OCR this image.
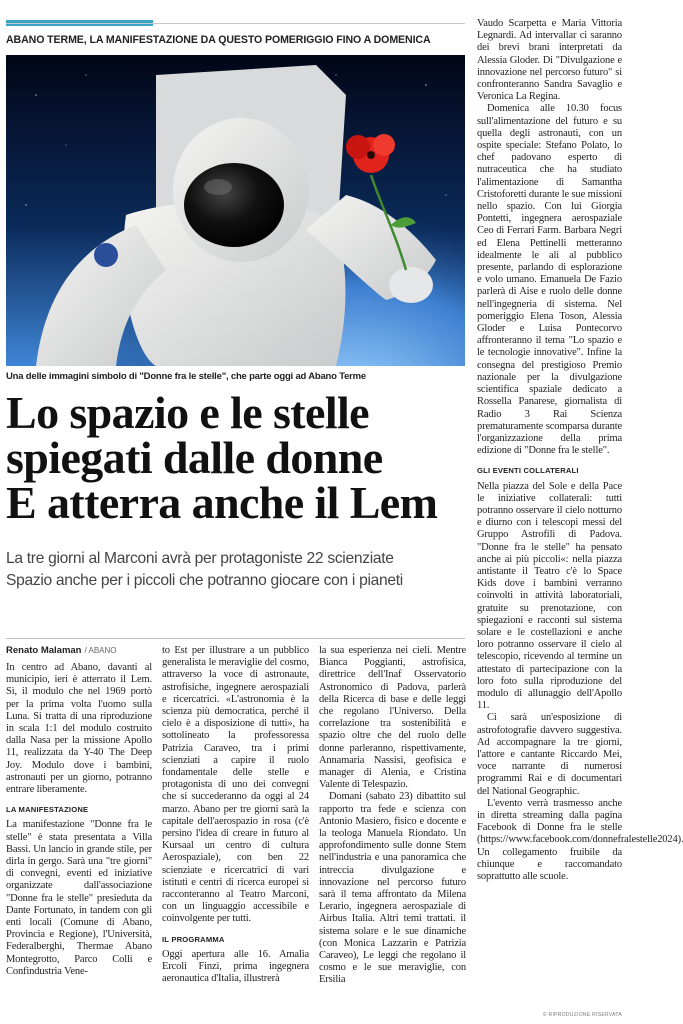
ABANO TERME, LA MANIFESTAZIONE DA QUESTO POMERIGGIO FINO A DOMENICA
Una delle immagini simbolo di "Donne fra le stelle", che parte oggi ad Abano Terme
Lo spazio e le stelle
spiegati dalle donne
E atterra anche il Lem
La tre giorni al Marconi avrà per protagoniste 22 scienziate
Spazio anche per i piccoli che potranno giocare con i pianeti
Renato Malaman / ABANO

In centro ad Abano, davanti al municipio, ieri è atterrato il Lem. Sì, il modulo che nel 1969 portò per la prima volta l'uomo sulla Luna. Si tratta di una riproduzione in scala 1:1 del modulo costruito dalla Nasa per la missione Apollo 11, realizzata da Y-40 The Deep Joy. Modulo dove i bambini, astronauti per un giorno, potranno entrare liberamente.

LA MANIFESTAZIONE

La manifestazione "Donne fra le stelle" è stata presentata a Villa Bassi. Un lancio in grande stile, per dirla in gergo. Sarà una "tre giorni" di convegni, eventi ed iniziative organizzate dall'associazione "Donne fra le stelle" presieduta da Dante Fortunato, in tandem con gli enti locali (Comune di Abano, Provincia e Regione), l'Università, Federalberghi, Thermae Abano Montegrotto, Parco Colli e Confindustria Vene-

to Est per illustrare a un pubblico generalista le meraviglie del cosmo, attraverso la voce di astronaute, astrofisiche, ingegnere aerospaziali e ricercatrici. «L'astronomia è la scienza più democratica, perché il cielo è a disposizione di tutti», ha sottolineato la professoressa Patrizia Caraveo, tra i primi scienziati a capire il ruolo fondamentale delle stelle e protagonista di uno dei convegni che si succederanno da oggi al 24 marzo. Abano per tre giorni sarà la capitale dell'aerospazio in rosa (c'è persino l'idea di creare in futuro al Kursaal un centro di cultura Aerospaziale), con ben 22 scienziate e ricercatrici di vari istituti e centri di ricerca europei si racconteranno al Teatro Marconi, con un linguaggio accessibile e coinvolgente per tutti.

IL PROGRAMMA

Oggi apertura alle 16. Amalia Ercoli Finzi, prima ingegnera aeronautica d'Italia, illustrerà

la sua esperienza nei cieli. Mentre Bianca Poggianti, astrofisica, direttrice dell'Inaf Osservatorio Astronomico di Padova, parlerà della Ricerca di base e delle leggi che regolano l'Universo. Della correlazione tra sostenibilità e spazio oltre che del ruolo delle donne parleranno, rispettivamente, Annamaria Nassisi, geofisica e manager di Alenia, e Cristina Valente di Telespazio.

Domani (sabato 23) dibattito sul rapporto tra fede e scienza con Antonio Masiero, fisico e docente e la teologa Manuela Riondato. Un approfondimento sulle donne Stem nell'industria e una panoramica che intreccia divulgazione e innovazione nel percorso futuro sarà il tema affrontato da Milena Lerario, ingegnera aerospaziale di Airbus Italia. Altri temi trattati. il sistema solare e le sue dinamiche (con Monica Lazzarin e Patrizia Caraveo), Le leggi che regolano il cosmo e le sue meraviglie, con Ersilia

Vaudo Scarpetta e Maria Vittoria Legnardi. Ad intervallar ci saranno dei brevi brani interpretati da Alessia Gloder. Di "Divulgazione e innovazione nel percorso futuro" si confronteranno Sandra Savaglio e Veronica La Regina.

Domenica alle 10.30 focus sull'alimentazione del futuro e su quella degli astronauti, con un ospite speciale: Stefano Polato, lo chef padovano esperto di nutraceutica che ha studiato l'alimentazione di Samantha Cristoforetti durante le sue missioni nello spazio. Con lui Giorgia Pontetti, ingegnera aerospaziale Ceo di Ferrari Farm. Barbara Negri ed Elena Pettinelli metteranno idealmente le ali al pubblico presente, parlando di esplorazione e volo umano. Emanuela De Fazio parlerà di Aise e ruolo delle donne nell'ingegneria di sistema. Nel pomeriggio Elena Toson, Alessia Gloder e Luisa Pontecorvo affronteranno il tema "Lo spazio e le tecnologie innovative". Infine la consegna del prestigioso Premio nazionale per la divulgazione scientifica spaziale dedicato a Rossella Panarese, giornalista di Radio 3 Rai Scienza prematuramente scomparsa durante l'organizzazione della prima edizione di "Donne fra le stelle".

GLI EVENTI COLLATERALI

Nella piazza del Sole e della Pace le iniziative collaterali: tutti potranno osservare il cielo notturno e diurno con i telescopi messi del Gruppo Astrofili di Padova. "Donne fra le stelle" ha pensato anche ai più piccoli«: nella piazza antistante il Teatro c'è lo Space Kids dove i bambini verranno coinvolti in attività laboratoriali, gratuite su prenotazione, con spiegazioni e racconti sul sistema solare e le costellazioni e anche loro potranno osservare il cielo al telescopio, ricevendo al termine un attestato di partecipazione con la loro foto sulla riproduzione del modulo di allunaggio dell'Apollo 11.

Ci sarà un'esposizione di astrofotografie davvero suggestiva. Ad accompagnare la tre giorni, l'attore e cantante Riccardo Mei, voce narrante di numerosi programmi Rai e di documentari del National Geographic.

L'evento verrà trasmesso anche in diretta streaming dalla pagina Facebook di Donne fra le stelle (https://www.facebook.com/donnefralestelle2024). Un collegamento fruibile da chiunque e raccomandato soprattutto alle scuole.

© RIPRODUZIONE RISERVATA
